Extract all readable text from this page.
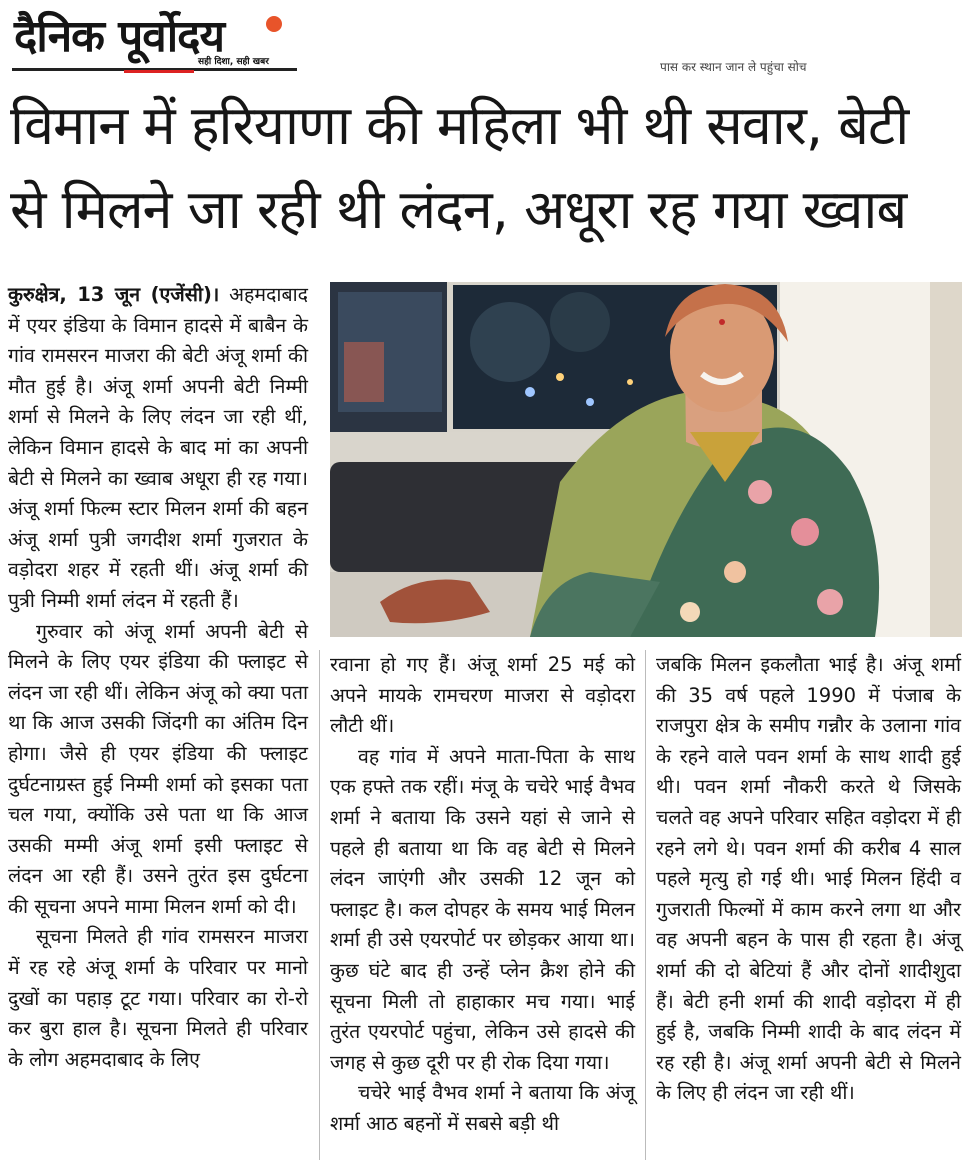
दैनिक पूर्वोदय
सही दिशा, सही खबर	पास कर स्थान जान ले पहुंचा सोच
विमान में हरियाणा की महिला भी थी सवार, बेटी
से मिलने जा रही थी लंदन, अधूरा रह गया ख्वाब

कुरुक्षेत्र, 13 जून (एजेंसी)। अहमदाबाद में एयर इंडिया के विमान हादसे में बाबैन के गांव रामसरन माजरा की बेटी अंजू शर्मा की मौत हुई है। अंजू शर्मा अपनी बेटी निम्मी शर्मा से मिलने के लिए लंदन जा रही थीं, लेकिन विमान हादसे के बाद मां का अपनी बेटी से मिलने का ख्वाब अधूरा ही रह गया। अंजू शर्मा फिल्म स्टार मिलन शर्मा की बहन अंजू शर्मा पुत्री जगदीश शर्मा गुजरात के वड़ोदरा शहर में रहती थीं। अंजू शर्मा की पुत्री निम्मी शर्मा लंदन में रहती हैं।

गुरुवार को अंजू शर्मा अपनी बेटी से मिलने के लिए एयर इंडिया की फ्लाइट से लंदन जा रही थीं। लेकिन अंजू को क्या पता था कि आज उसकी जिंदगी का अंतिम दिन होगा। जैसे ही एयर इंडिया की फ्लाइट दुर्घटनाग्रस्त हुई निम्मी शर्मा को इसका पता चल गया, क्योंकि उसे पता था कि आज उसकी मम्मी अंजू शर्मा इसी फ्लाइट से लंदन आ रही हैं। उसने तुरंत इस दुर्घटना की सूचना अपने मामा मिलन शर्मा को दी।

सूचना मिलते ही गांव रामसरन माजरा में रह रहे अंजू शर्मा के परिवार पर मानो दुखों का पहाड़ टूट गया। परिवार का रो-रो कर बुरा हाल है। सूचना मिलते ही परिवार के लोग अहमदाबाद के लिए

रवाना हो गए हैं। अंजू शर्मा 25 मई को अपने मायके रामचरण माजरा से वड़ोदरा लौटी थीं।

वह गांव में अपने माता-पिता के साथ एक हफ्ते तक रहीं। मंजू के चचेरे भाई वैभव शर्मा ने बताया कि उसने यहां से जाने से पहले ही बताया था कि वह बेटी से मिलने लंदन जाएंगी और उसकी 12 जून को फ्लाइट है। कल दोपहर के समय भाई मिलन शर्मा ही उसे एयरपोर्ट पर छोड़कर आया था। कुछ घंटे बाद ही उन्हें प्लेन क्रैश होने की सूचना मिली तो हाहाकार मच गया। भाई तुरंत एयरपोर्ट पहुंचा, लेकिन उसे हादसे की जगह से कुछ दूरी पर ही रोक दिया गया।

चचेरे भाई वैभव शर्मा ने बताया कि अंजू शर्मा आठ बहनों में सबसे बड़ी थी

जबकि मिलन इकलौता भाई है। अंजू शर्मा की 35 वर्ष पहले 1990 में पंजाब के राजपुरा क्षेत्र के समीप गन्नौर के उलाना गांव के रहने वाले पवन शर्मा के साथ शादी हुई थी। पवन शर्मा नौकरी करते थे जिसके चलते वह अपने परिवार सहित वड़ोदरा में ही रहने लगे थे। पवन शर्मा की करीब 4 साल पहले मृत्यु हो गई थी। भाई मिलन हिंदी व गुजराती फिल्मों में काम करने लगा था और वह अपनी बहन के पास ही रहता है। अंजू शर्मा की दो बेटियां हैं और दोनों शादीशुदा हैं। बेटी हनी शर्मा की शादी वड़ोदरा में ही हुई है, जबकि निम्मी शादी के बाद लंदन में रह रही है। अंजू शर्मा अपनी बेटी से मिलने के लिए ही लंदन जा रही थीं।
